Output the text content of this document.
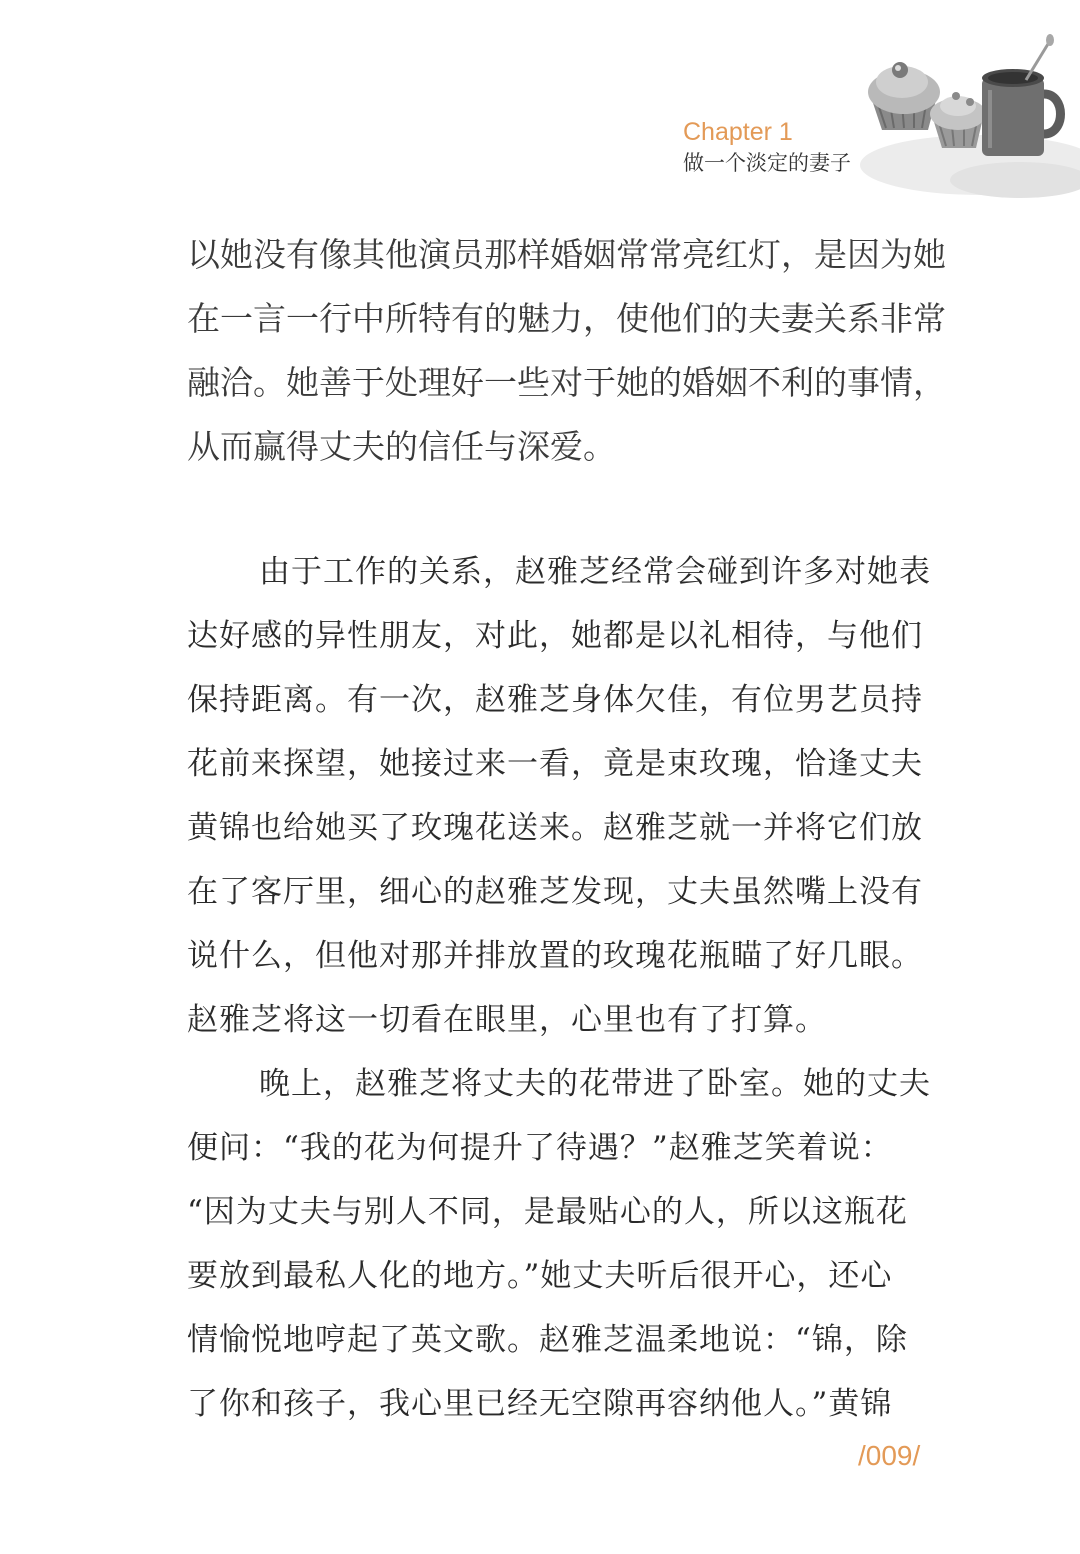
Chapter 1
做一个淡定的妻子
以她没有像其他演员那样婚姻常常亮红灯，是因为她
在一言一行中所特有的魅力，使他们的夫妻关系非常
融洽。她善于处理好一些对于她的婚姻不利的事情，
从而赢得丈夫的信任与深爱。
由于工作的关系，赵雅芝经常会碰到许多对她表
达好感的异性朋友，对此，她都是以礼相待，与他们
保持距离。有一次，赵雅芝身体欠佳，有位男艺员持
花前来探望，她接过来一看，竟是束玫瑰，恰逢丈夫
黄锦也给她买了玫瑰花送来。赵雅芝就一并将它们放
在了客厅里，细心的赵雅芝发现，丈夫虽然嘴上没有
说什么，但他对那并排放置的玫瑰花瓶瞄了好几眼。
赵雅芝将这一切看在眼里，心里也有了打算。
晚上，赵雅芝将丈夫的花带进了卧室。她的丈夫
便问：“我的花为何提升了待遇？”赵雅芝笑着说：
“因为丈夫与别人不同，是最贴心的人，所以这瓶花
要放到最私人化的地方。”她丈夫听后很开心，还心
情愉悦地哼起了英文歌。赵雅芝温柔地说：“锦，除
了你和孩子，我心里已经无空隙再容纳他人。”黄锦
/009/
